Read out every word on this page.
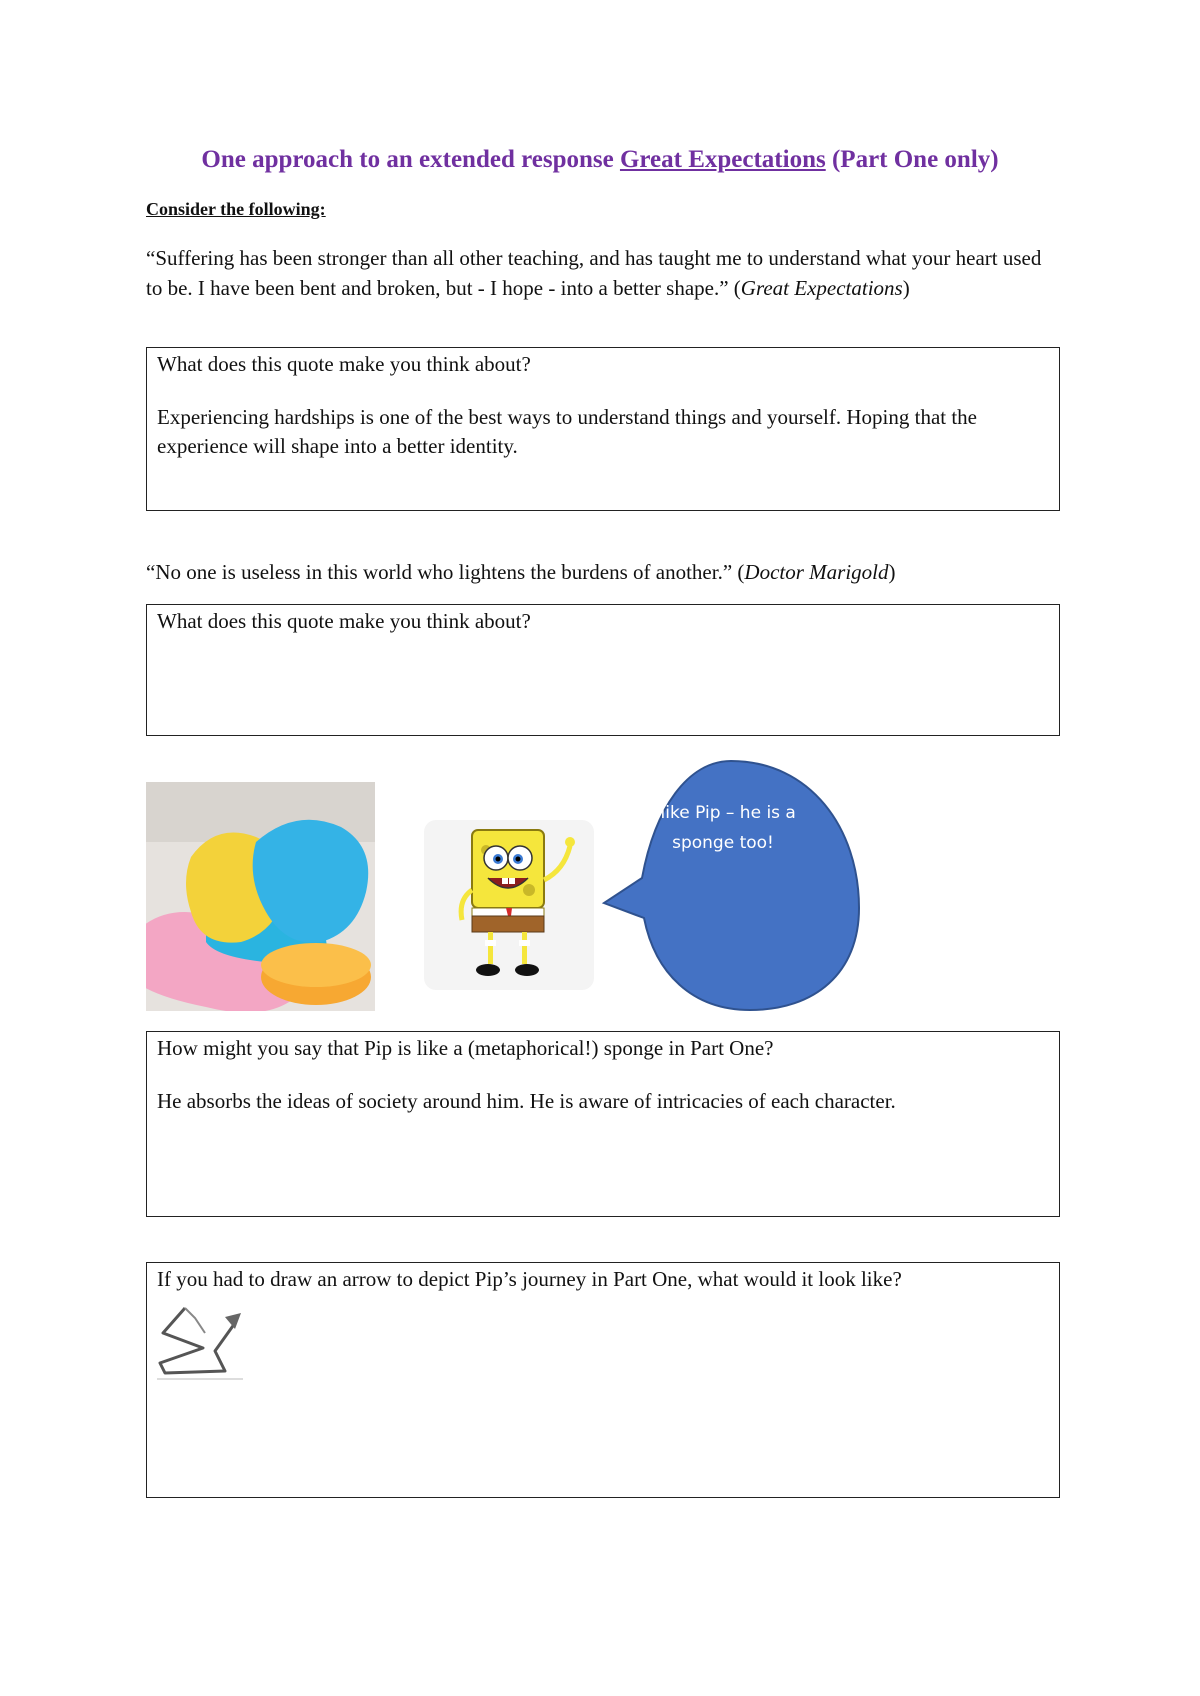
One approach to an extended response Great Expectations (Part One only)
Consider the following:
“Suffering has been stronger than all other teaching, and has taught me to understand what your heart used to be. I have been bent and broken, but - I hope - into a better shape.” (Great Expectations)

What does this quote make you think about?

Experiencing hardships is one of the best ways to understand things and yourself. Hoping that the experience will shape into a better identity.

“No one is useless in this world who lightens the burdens of another.” (Doctor Marigold)

What does this quote make you think about?

I like Pip – he is a sponge too!

How might you say that Pip is like a (metaphorical!) sponge in Part One?

He absorbs the ideas of society around him. He is aware of intricacies of each character.

If you had to draw an arrow to depict Pip’s journey in Part One, what would it look like?
